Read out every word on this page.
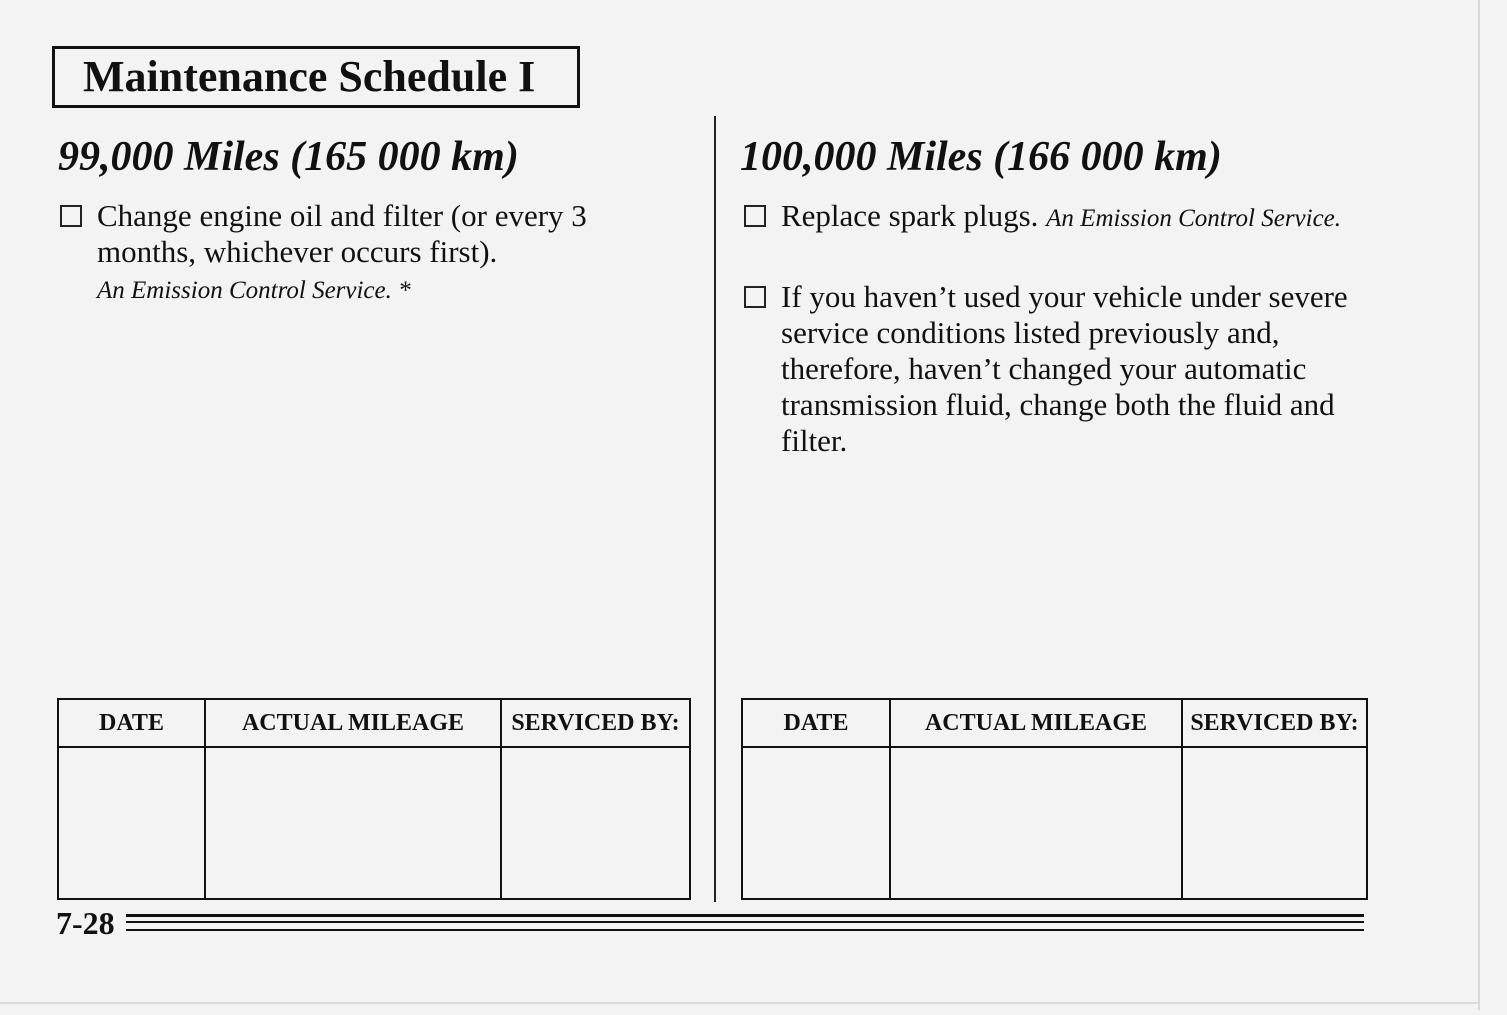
Maintenance Schedule I
99,000 Miles (165 000 km)
Change engine oil and filter (or every 3 months, whichever occurs first).
An Emission Control Service. *
DATE	ACTUAL MILEAGE	SERVICED BY:

100,000 Miles (166 000 km)
Replace spark plugs. An Emission Control Service.
If you haven’t used your vehicle under severe service conditions listed previously and, therefore, haven’t changed your automatic transmission fluid, change both the fluid and filter.
DATE	ACTUAL MILEAGE	SERVICED BY:

7-28
